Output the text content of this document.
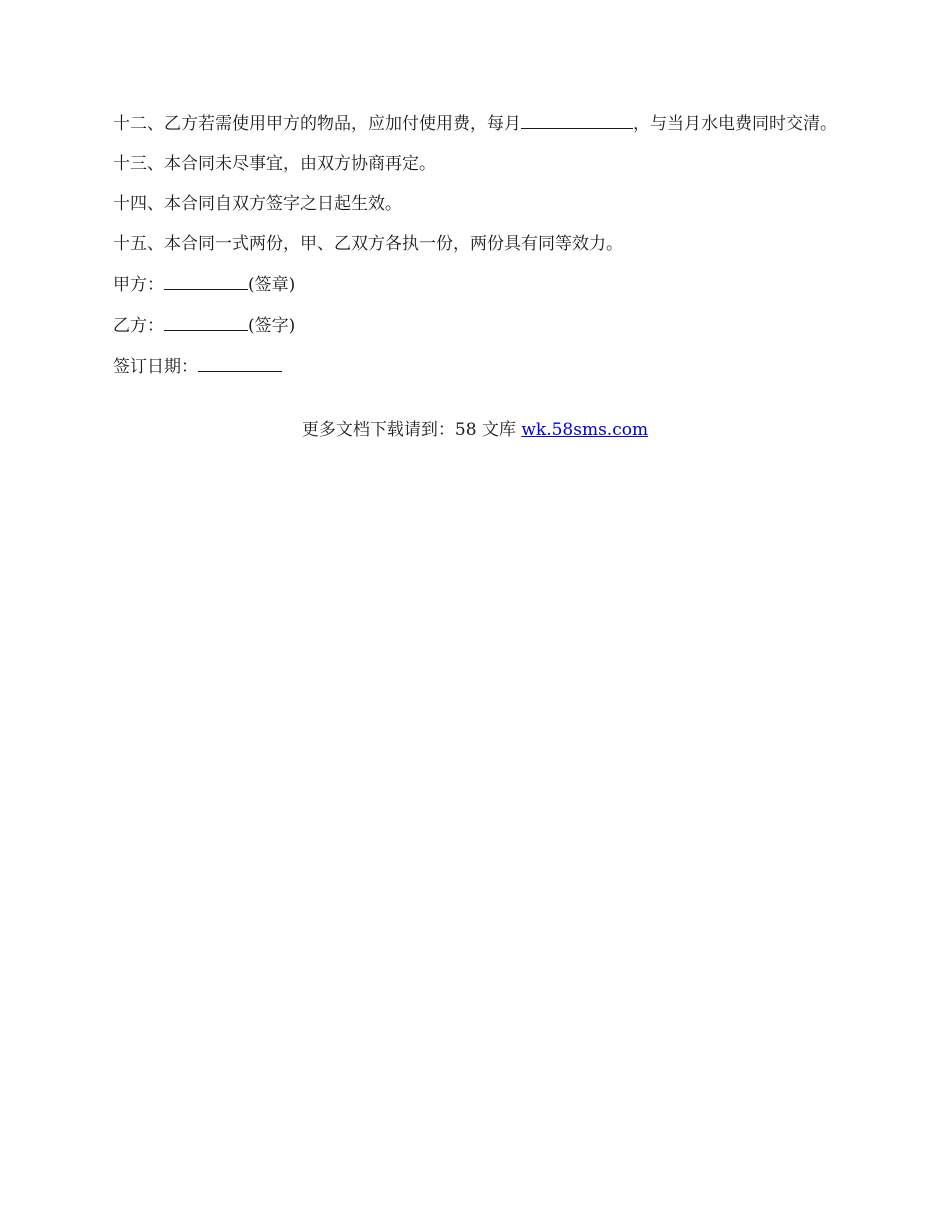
十二、乙方若需使用甲方的物品，应加付使用费，每月	，与当月水电费同时交清。

十三、本合同未尽事宜，由双方协商再定。

十四、本合同自双方签字之日起生效。

十五、本合同一式两份，甲、乙双方各执一份，两份具有同等效力。

甲方：	(签章)

乙方：	(签字)

签订日期：

更多文档下载请到：58 文库 wk.58sms.com
